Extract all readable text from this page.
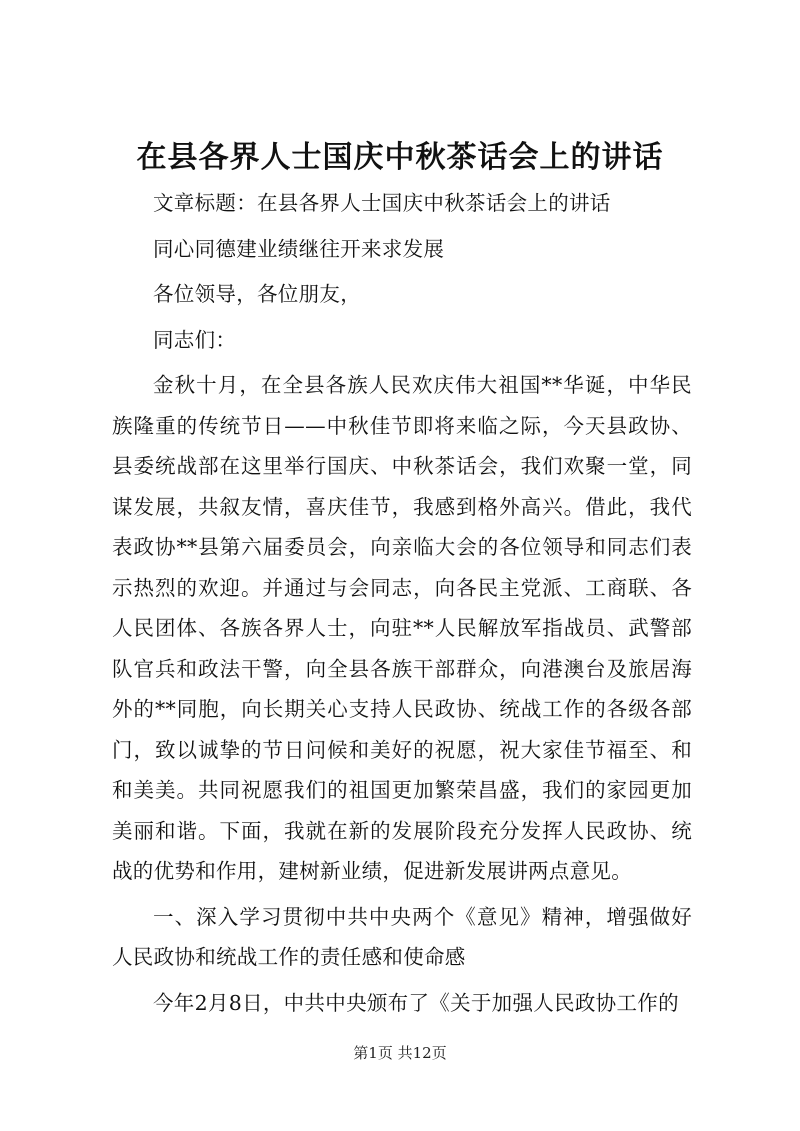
在县各界人士国庆中秋茶话会上的讲话

文章标题：在县各界人士国庆中秋茶话会上的讲话

同心同德建业绩继往开来求发展

各位领导，各位朋友，

同志们：

金秋十月，在全县各族人民欢庆伟大祖国**华诞，中华民族隆重的传统节日——中秋佳节即将来临之际，今天县政协、县委统战部在这里举行国庆、中秋茶话会，我们欢聚一堂，同谋发展，共叙友情，喜庆佳节，我感到格外高兴。借此，我代表政协**县第六届委员会，向亲临大会的各位领导和同志们表示热烈的欢迎。并通过与会同志，向各民主党派、工商联、各人民团体、各族各界人士，向驻**人民解放军指战员、武警部队官兵和政法干警，向全县各族干部群众，向港澳台及旅居海外的**同胞，向长期关心支持人民政协、统战工作的各级各部门，致以诚挚的节日问候和美好的祝愿，祝大家佳节福至、和和美美。共同祝愿我们的祖国更加繁荣昌盛，我们的家园更加美丽和谐。下面，我就在新的发展阶段充分发挥人民政协、统战的优势和作用，建树新业绩，促进新发展讲两点意见。

一、深入学习贯彻中共中央两个《意见》精神，增强做好人民政协和统战工作的责任感和使命感

今年2月8日，中共中央颁布了《关于加强人民政协工作的

第1页 共12页
